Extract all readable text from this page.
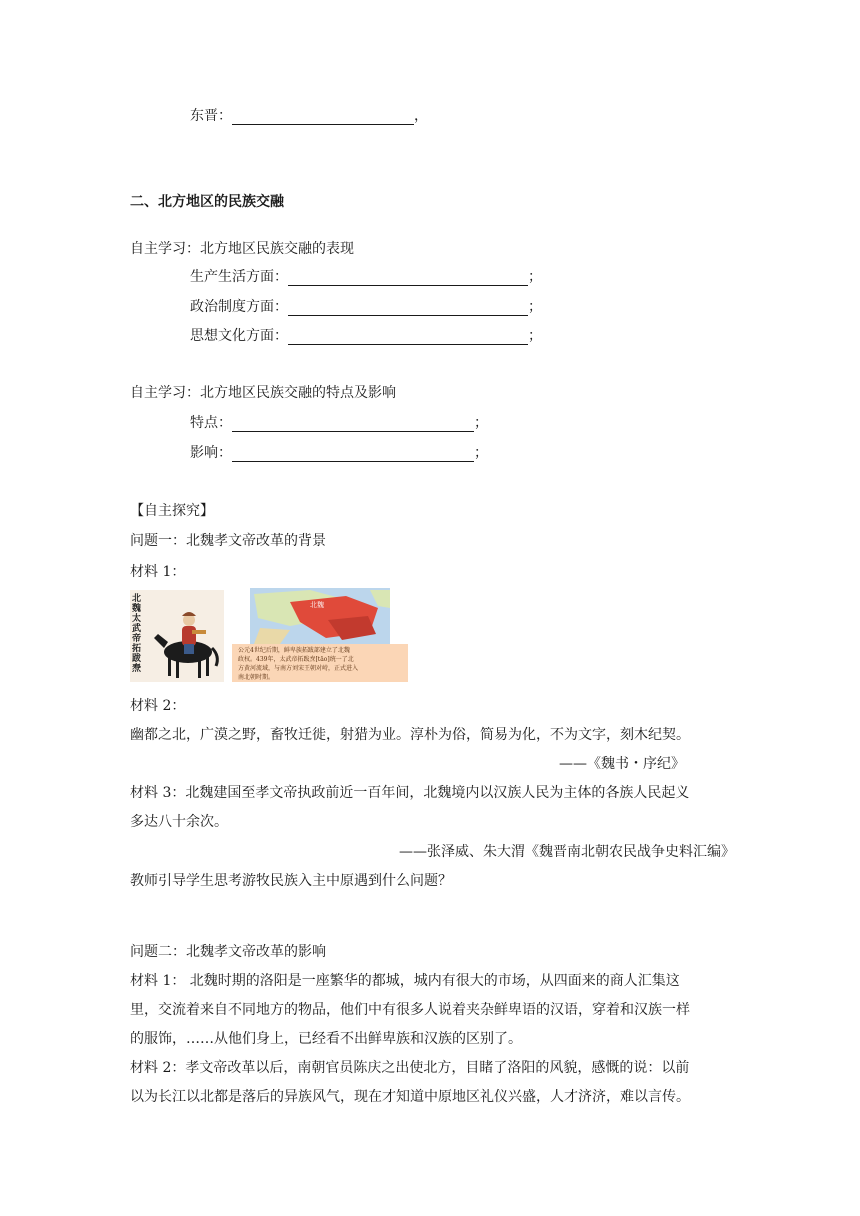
东晋：	，
二、北方地区的民族交融
自主学习：北方地区民族交融的表现
生产生活方面：	；
政治制度方面：	；
思想文化方面：	；
自主学习：北方地区民族交融的特点及影响
特点：	；
影响：	；
【自主探究】
问题一：北魏孝文帝改革的背景
材料 1：
北魏太武帝拓跋焘
北魏
公元4世纪后期，鲜卑族拓跋部建立了北魏
政权。439年，太武帝拓跋焘[tāo]统一了北
方黄河流域，与南方刘宋王朝对峙，正式进入
南北朝时期。
材料 2：
幽都之北，广漠之野，畜牧迁徙，射猎为业。淳朴为俗，简易为化，不为文字，刻木纪契。
——《魏书・序纪》
材料 3：北魏建国至孝文帝执政前近一百年间，北魏境内以汉族人民为主体的各族人民起义
多达八十余次。
——张泽威、朱大渭《魏晋南北朝农民战争史料汇编》
教师引导学生思考游牧民族入主中原遇到什么问题？
问题二：北魏孝文帝改革的影响
材料 1： 北魏时期的洛阳是一座繁华的都城，城内有很大的市场，从四面来的商人汇集这
里，交流着来自不同地方的物品，他们中有很多人说着夹杂鲜卑语的汉语，穿着和汉族一样
的服饰，……从他们身上，已经看不出鲜卑族和汉族的区别了。
材料 2：孝文帝改革以后，南朝官员陈庆之出使北方，目睹了洛阳的风貌，感慨的说：以前
以为长江以北都是落后的异族风气，现在才知道中原地区礼仪兴盛，人才济济，难以言传。
